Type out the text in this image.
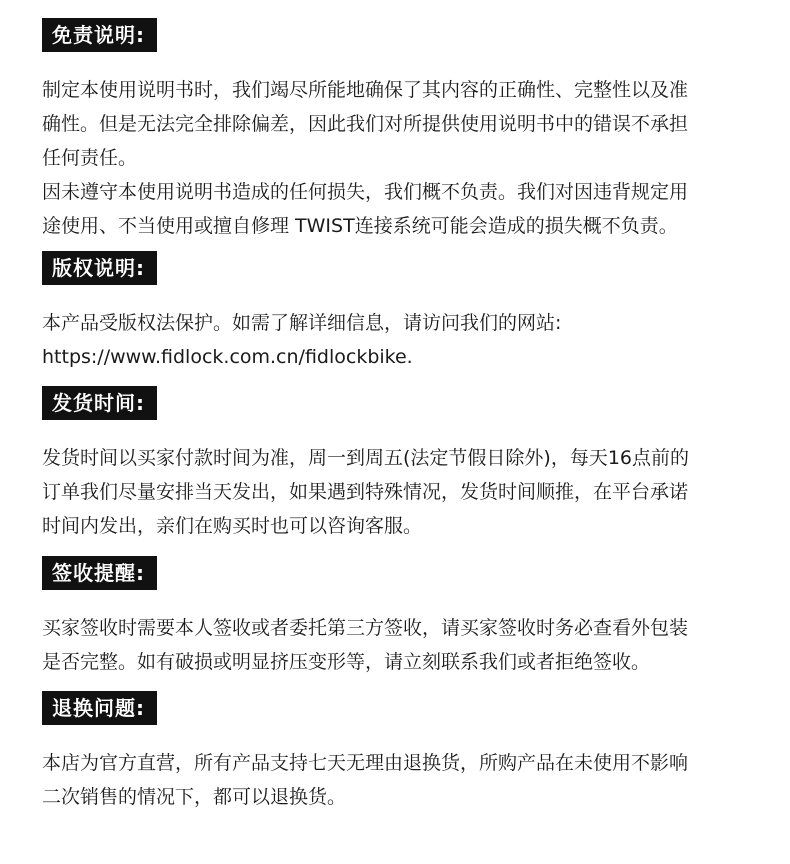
免责说明:

制定本使用说明书时，我们竭尽所能地确保了其内容的正确性、完整性以及准

确性。但是无法完全排除偏差，因此我们对所提供使用说明书中的错误不承担

任何责任。

因未遵守本使用说明书造成的任何损失，我们概不负责。我们对因违背规定用

途使用、不当使用或擅自修理 TWIST连接系统可能会造成的损失概不负责。

版权说明:

本产品受版权法保护。如需了解详细信息，请访问我们的网站:

https://www.fidlock.com.cn/fidlockbike.

发货时间:

发货时间以买家付款时间为准，周一到周五(法定节假日除外)，每天16点前的

订单我们尽量安排当天发出，如果遇到特殊情况，发货时间顺推，在平台承诺

时间内发出，亲们在购买时也可以咨询客服。

签收提醒:

买家签收时需要本人签收或者委托第三方签收，请买家签收时务必查看外包装

是否完整。如有破损或明显挤压变形等，请立刻联系我们或者拒绝签收。

退换问题:

本店为官方直营，所有产品支持七天无理由退换货，所购产品在未使用不影响

二次销售的情况下，都可以退换货。
